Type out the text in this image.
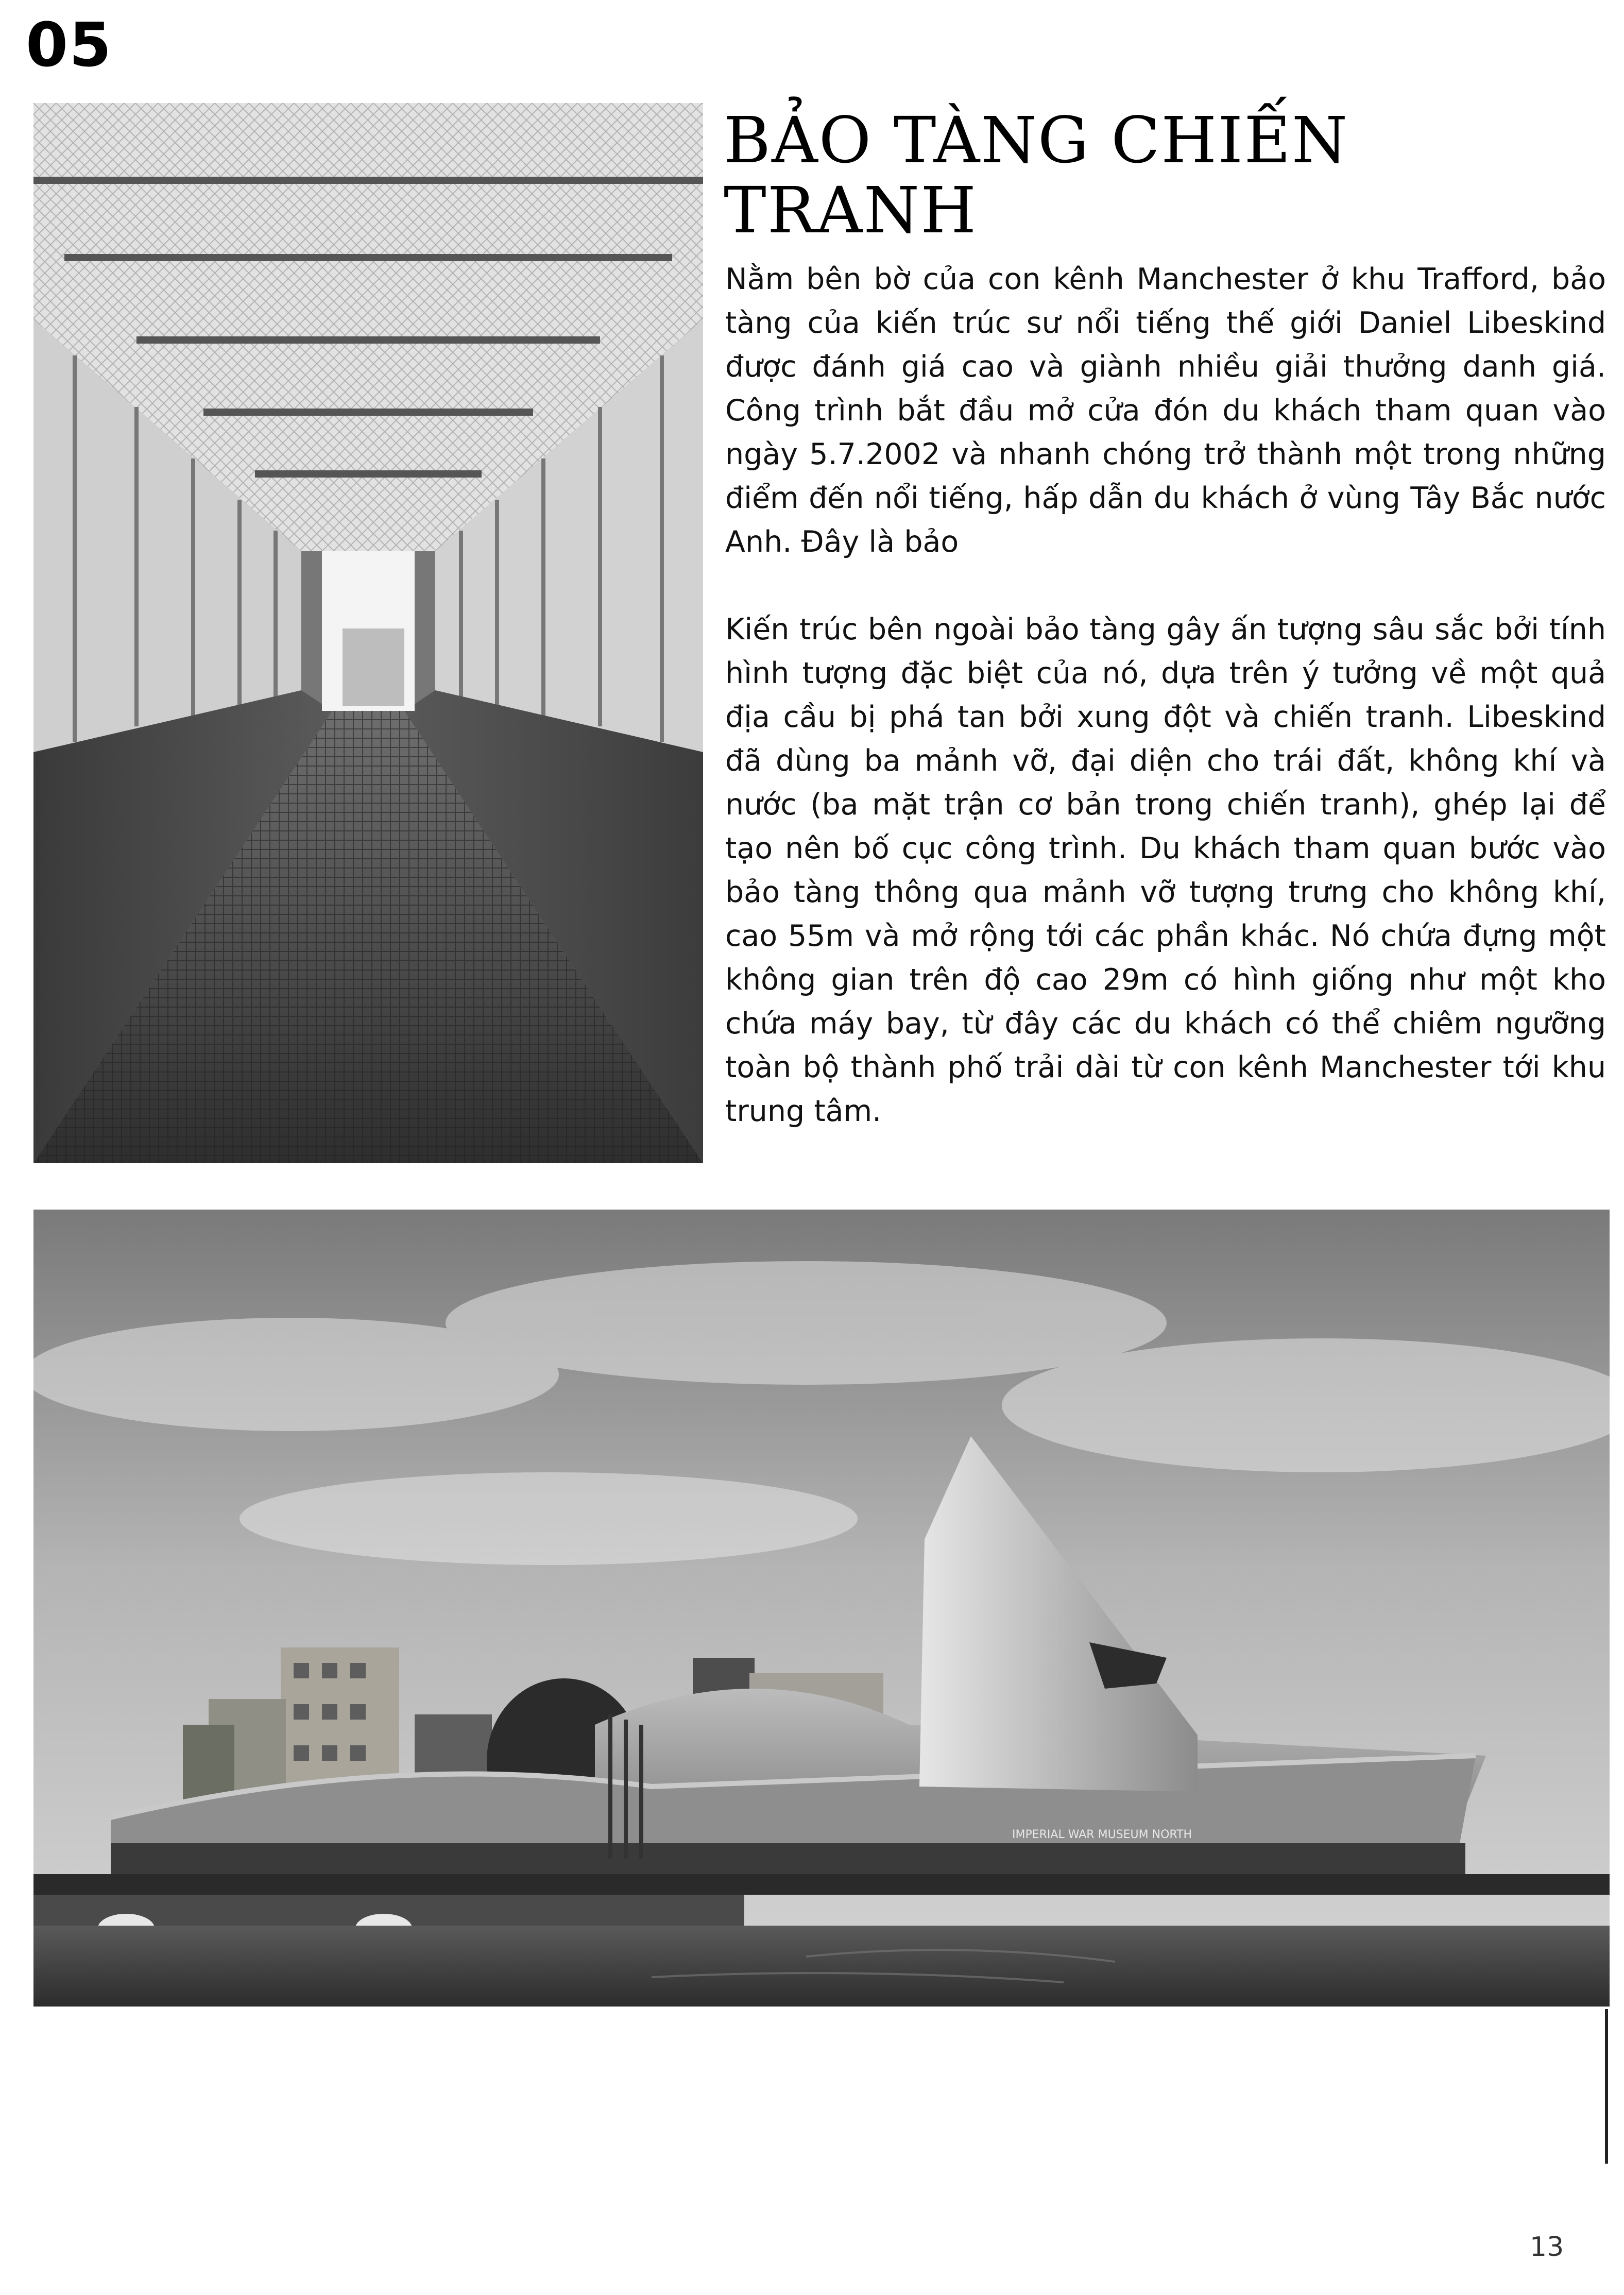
05
BẢO TÀNG CHIẾN TRANH

Nằm bên bờ của con kênh Manchester ở khu Trafford, bảo tàng của kiến trúc sư nổi tiếng thế giới Daniel Libeskind được đánh giá cao và giành nhiều giải thưởng danh giá. Công trình bắt đầu mở cửa đón du khách tham quan vào ngày 5.7.2002 và nhanh chóng trở thành một trong những điểm đến nổi tiếng, hấp dẫn du khách ở vùng Tây Bắc nước Anh. Đây là bảo

Kiến trúc bên ngoài bảo tàng gây ấn tượng sâu sắc bởi tính hình tượng đặc biệt của nó, dựa trên ý tưởng về một quả địa cầu bị phá tan bởi xung đột và chiến tranh. Libeskind đã dùng ba mảnh vỡ, đại diện cho trái đất, không khí và nước (ba mặt trận cơ bản trong chiến tranh), ghép lại để tạo nên bố cục công trình. Du khách tham quan bước vào bảo tàng thông qua mảnh vỡ tượng trưng cho không khí, cao 55m và mở rộng tới các phần khác. Nó chứa đựng một không gian trên độ cao 29m có hình giống như một kho chứa máy bay, từ đây các du khách có thể chiêm ngưỡng toàn bộ thành phố trải dài từ con kênh Manchester tới khu trung tâm.

IMPERIAL WAR MUSEUM NORTH
13
